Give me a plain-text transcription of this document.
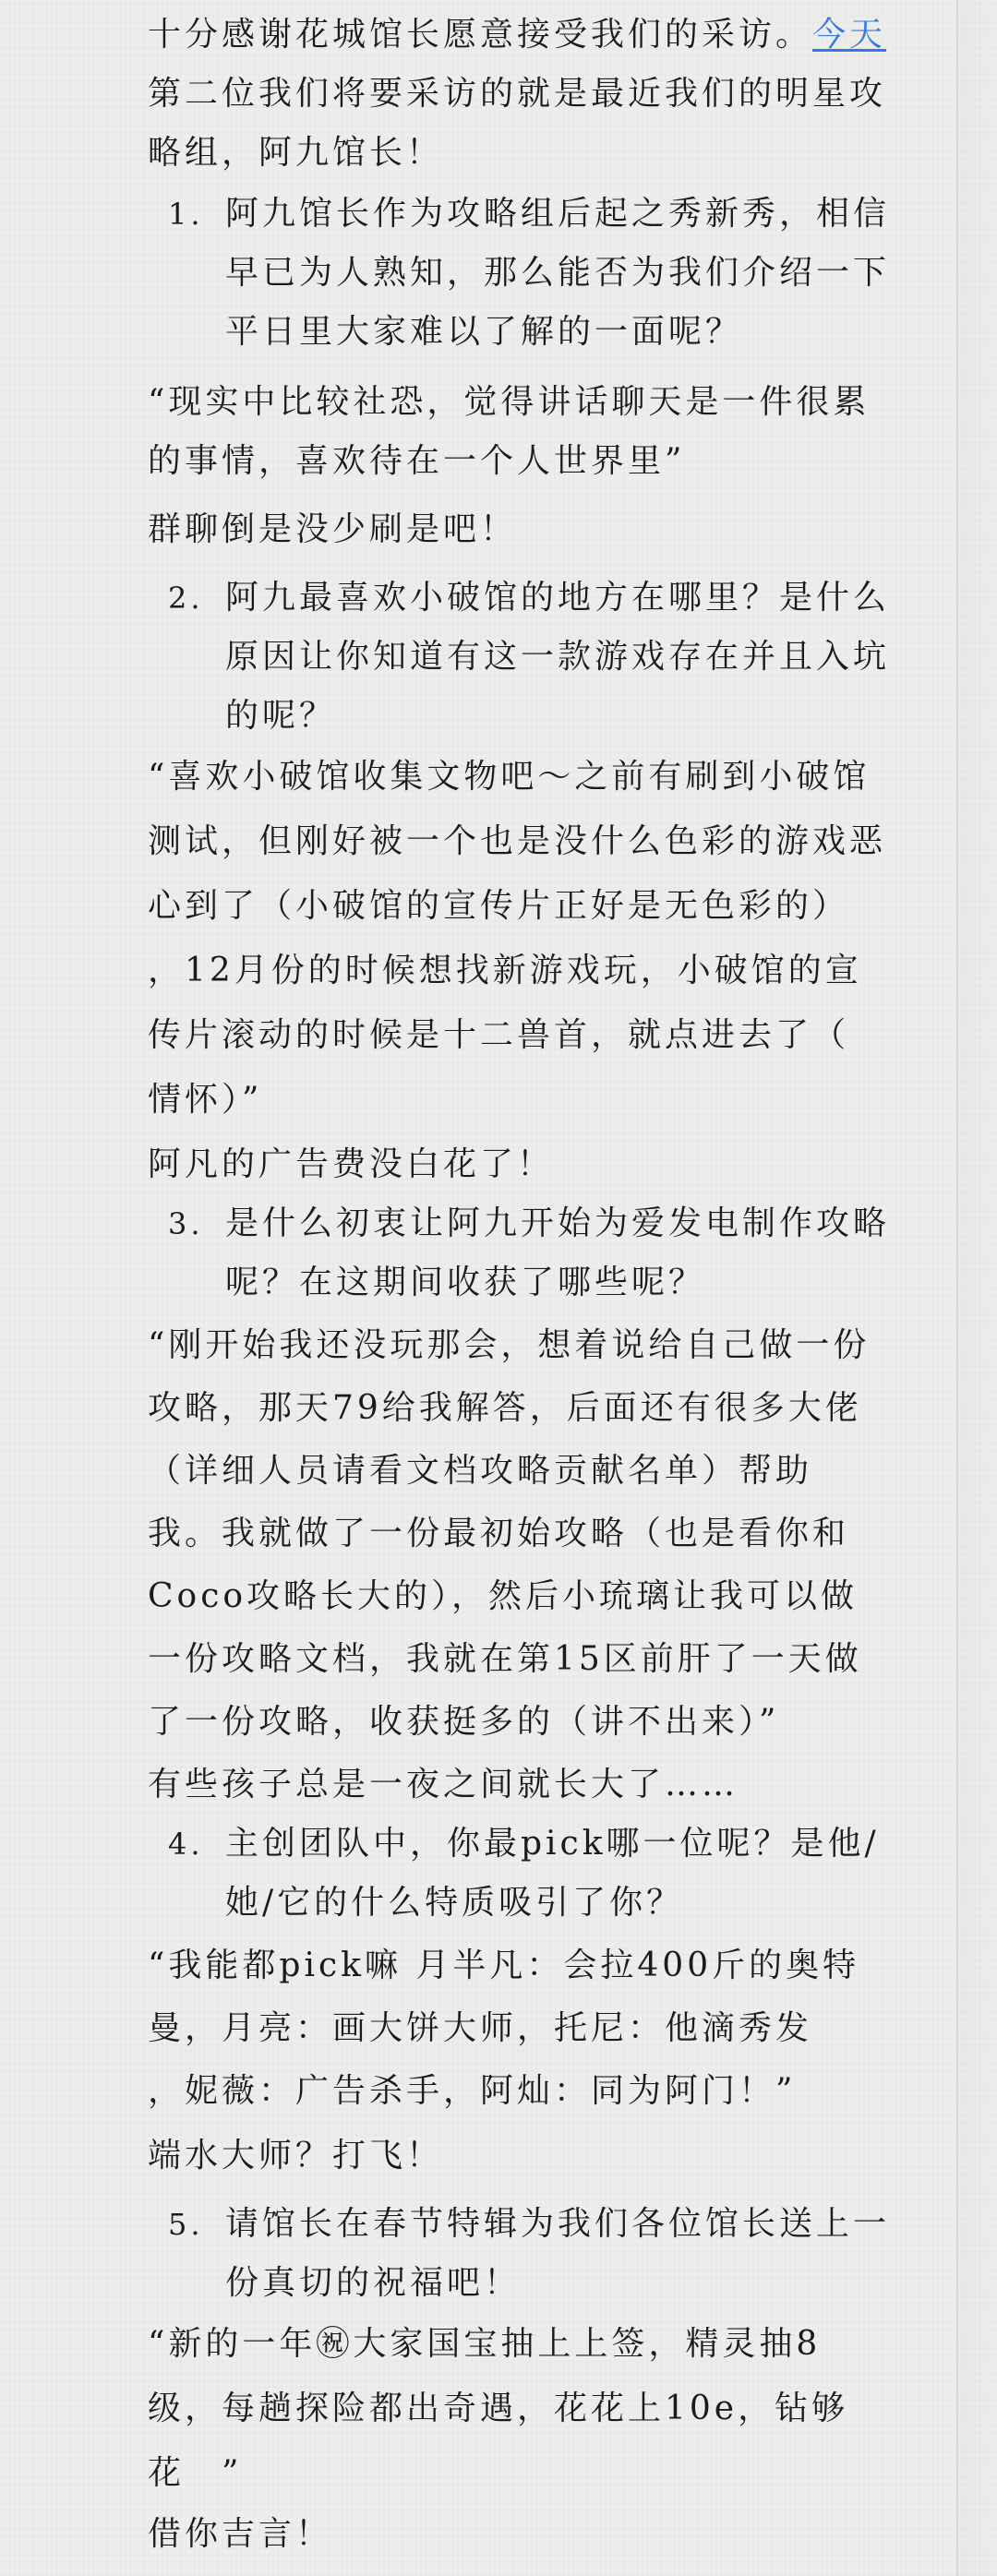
十分感谢花城馆长愿意接受我们的采访。今天
第二位我们将要采访的就是最近我们的明星攻
略组，阿九馆长！
1. 阿九馆长作为攻略组后起之秀新秀，相信
早已为人熟知，那么能否为我们介绍一下
平日里大家难以了解的一面呢？
“现实中比较社恐，觉得讲话聊天是一件很累
的事情，喜欢待在一个人世界里”
群聊倒是没少刷是吧！
2. 阿九最喜欢小破馆的地方在哪里？是什么
原因让你知道有这一款游戏存在并且入坑
的呢？
“喜欢小破馆收集文物吧～之前有刷到小破馆
测试，但刚好被一个也是没什么色彩的游戏恶
心到了（小破馆的宣传片正好是无色彩的）
，12月份的时候想找新游戏玩，小破馆的宣
传片滚动的时候是十二兽首，就点进去了（
情怀）”
阿凡的广告费没白花了！
3. 是什么初衷让阿九开始为爱发电制作攻略
呢？在这期间收获了哪些呢？
“刚开始我还没玩那会，想着说给自己做一份
攻略，那天79给我解答，后面还有很多大佬
（详细人员请看文档攻略贡献名单）帮助
我。我就做了一份最初始攻略（也是看你和
Coco攻略长大的），然后小琉璃让我可以做
一份攻略文档，我就在第15区前肝了一天做
了一份攻略，收获挺多的（讲不出来）”
有些孩子总是一夜之间就长大了……
4. 主创团队中，你最pick哪一位呢？是他/
她/它的什么特质吸引了你？
“我能都pick嘛 月半凡：会拉400斤的奥特
曼，月亮：画大饼大师，托尼：他滴秀发
，妮薇：广告杀手，阿灿：同为阿门！”
端水大师？打飞！
5. 请馆长在春节特辑为我们各位馆长送上一
份真切的祝福吧！
“新的一年㊗大家国宝抽上上签，精灵抽8
级，每趟探险都出奇遇，花花上10e，钻够
花　”
借你吉言！
